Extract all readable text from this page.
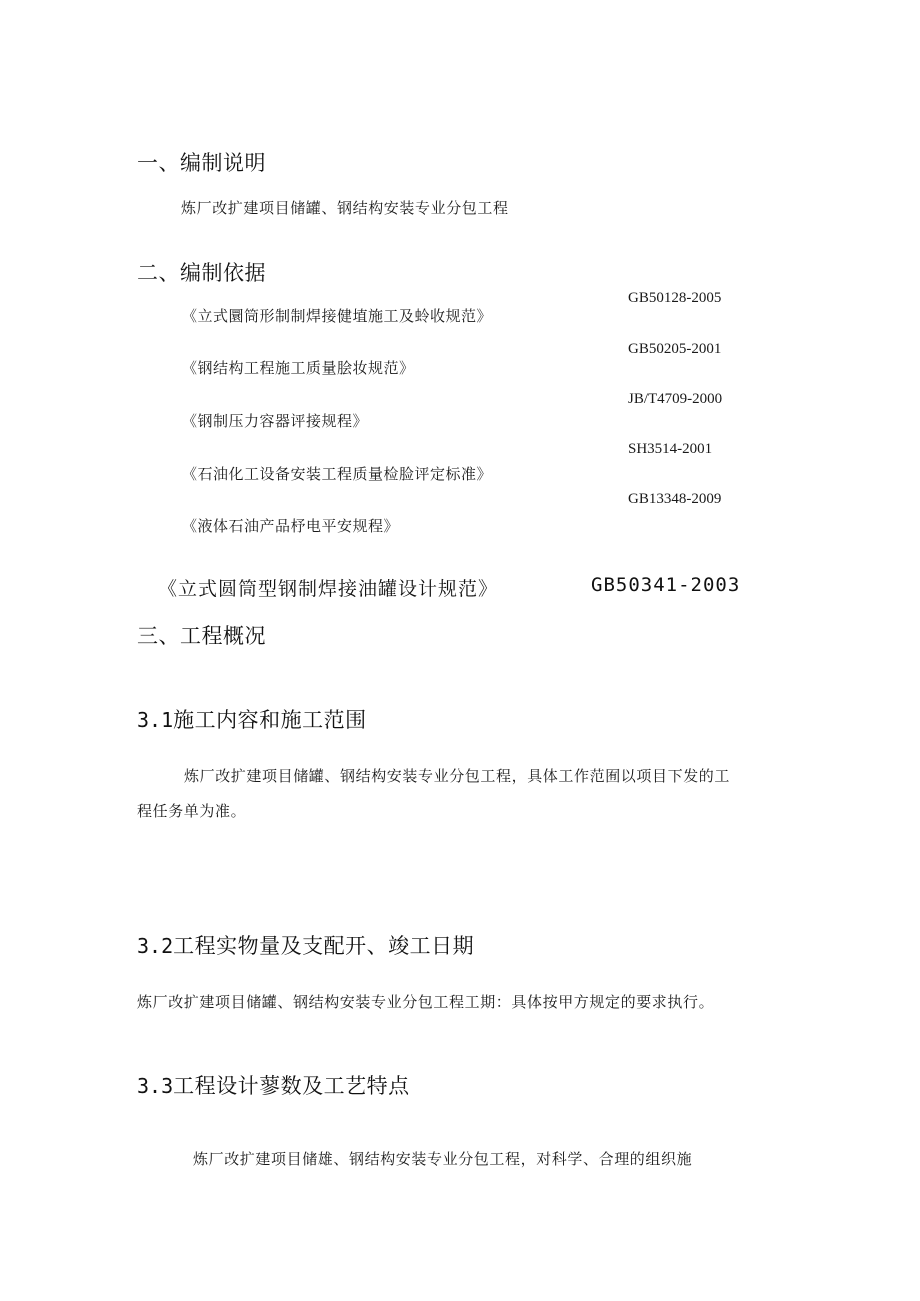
一、编制说明
炼厂改扩建项目储罐、钢结构安装专业分包工程
二、编制依据
GB50128-2005
《立式圜筒形制制焊接健埴施工及蛉收规范》
GB50205-2001
《钢结构工程施工质量脍妆规范》
JB/T4709-2000
《钢制压力容器评接规程》
SH3514-2001
《石油化工设备安装工程质量检脸评定标准》
GB13348-2009
《液体石油产品杼电平安规程》
《立式圆筒型钢制焊接油罐设计规范》	GB50341-2003
三、工程概况
3.1施工内容和施工范围
炼厂改扩建项目储罐、钢结构安装专业分包工程，具体工作范囿以项目下发的工
程任务单为准。
3.2工程实物量及支配开、竣工日期
炼厂改扩建项目储罐、钢结构安装专业分包工程工期：具体按甲方规定的要求执行。
3.3工程设计蓼数及工艺特点
炼厂改扩建项目储雄、钢结构安装专业分包工程，对科学、合理的组织施
